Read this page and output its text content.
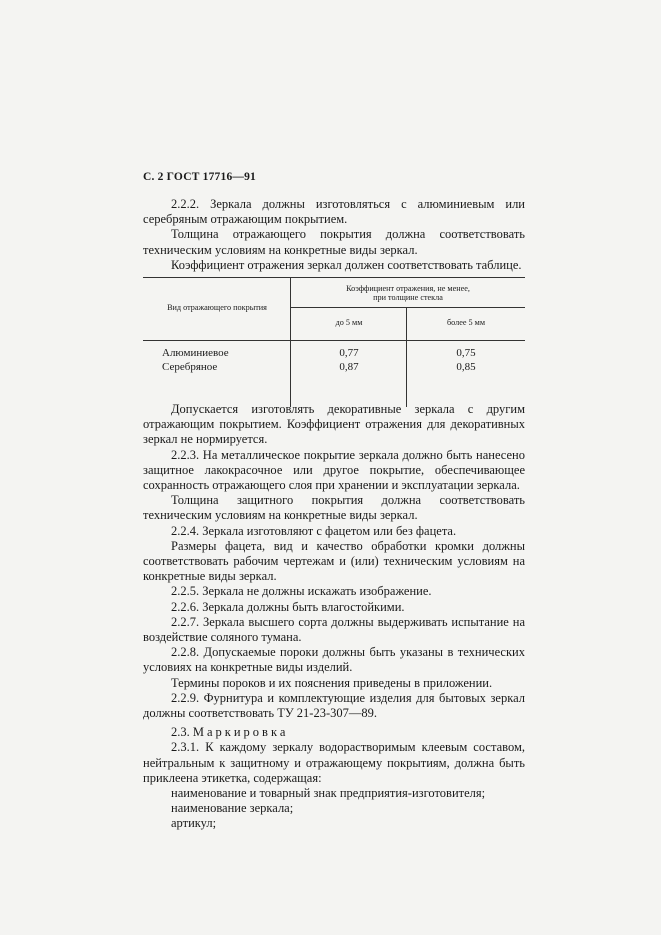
С. 2 ГОСТ 17716—91

2.2.2. Зеркала должны изготовляться с алюминиевым или серебряным отражающим покрытием.

Толщина отражающего покрытия должна соответствовать техническим условиям на конкретные виды зеркал.

Коэффициент отражения зеркал должен соответствовать таблице.

Вид отражающего покрытия
Коэффициент отражения, не менее,
при толщине стекла
до 5 мм	более 5 мм
Алюминиевое	0,77	0,75
Серебряное	0,87	0,85

Допускается изготовлять декоративные зеркала с другим отражающим покрытием. Коэффициент отражения для декоративных зеркал не нормируется.

2.2.3. На металлическое покрытие зеркала должно быть нанесено защитное лакокрасочное или другое покрытие, обеспечивающее сохранность отражающего слоя при хранении и эксплуатации зеркала.

Толщина защитного покрытия должна соответствовать техническим условиям на конкретные виды зеркал.

2.2.4. Зеркала изготовляют с фацетом или без фацета.

Размеры фацета, вид и качество обработки кромки должны соответствовать рабочим чертежам и (или) техническим условиям на конкретные виды зеркал.

2.2.5. Зеркала не должны искажать изображение.

2.2.6. Зеркала должны быть влагостойкими.

2.2.7. Зеркала высшего сорта должны выдерживать испытание на воздействие соляного тумана.

2.2.8. Допускаемые пороки должны быть указаны в технических условиях на конкретные виды изделий.

Термины пороков и их пояснения приведены в приложении.

2.2.9. Фурнитура и комплектующие изделия для бытовых зеркал должны соответствовать ТУ 21-23-307—89.

2.3. Маркировка

2.3.1. К каждому зеркалу водорастворимым клеевым составом, нейтральным к защитному и отражающему покрытиям, должна быть приклеена этикетка, содержащая:

наименование и товарный знак предприятия-изготовителя;

наименование зеркала;

артикул;
